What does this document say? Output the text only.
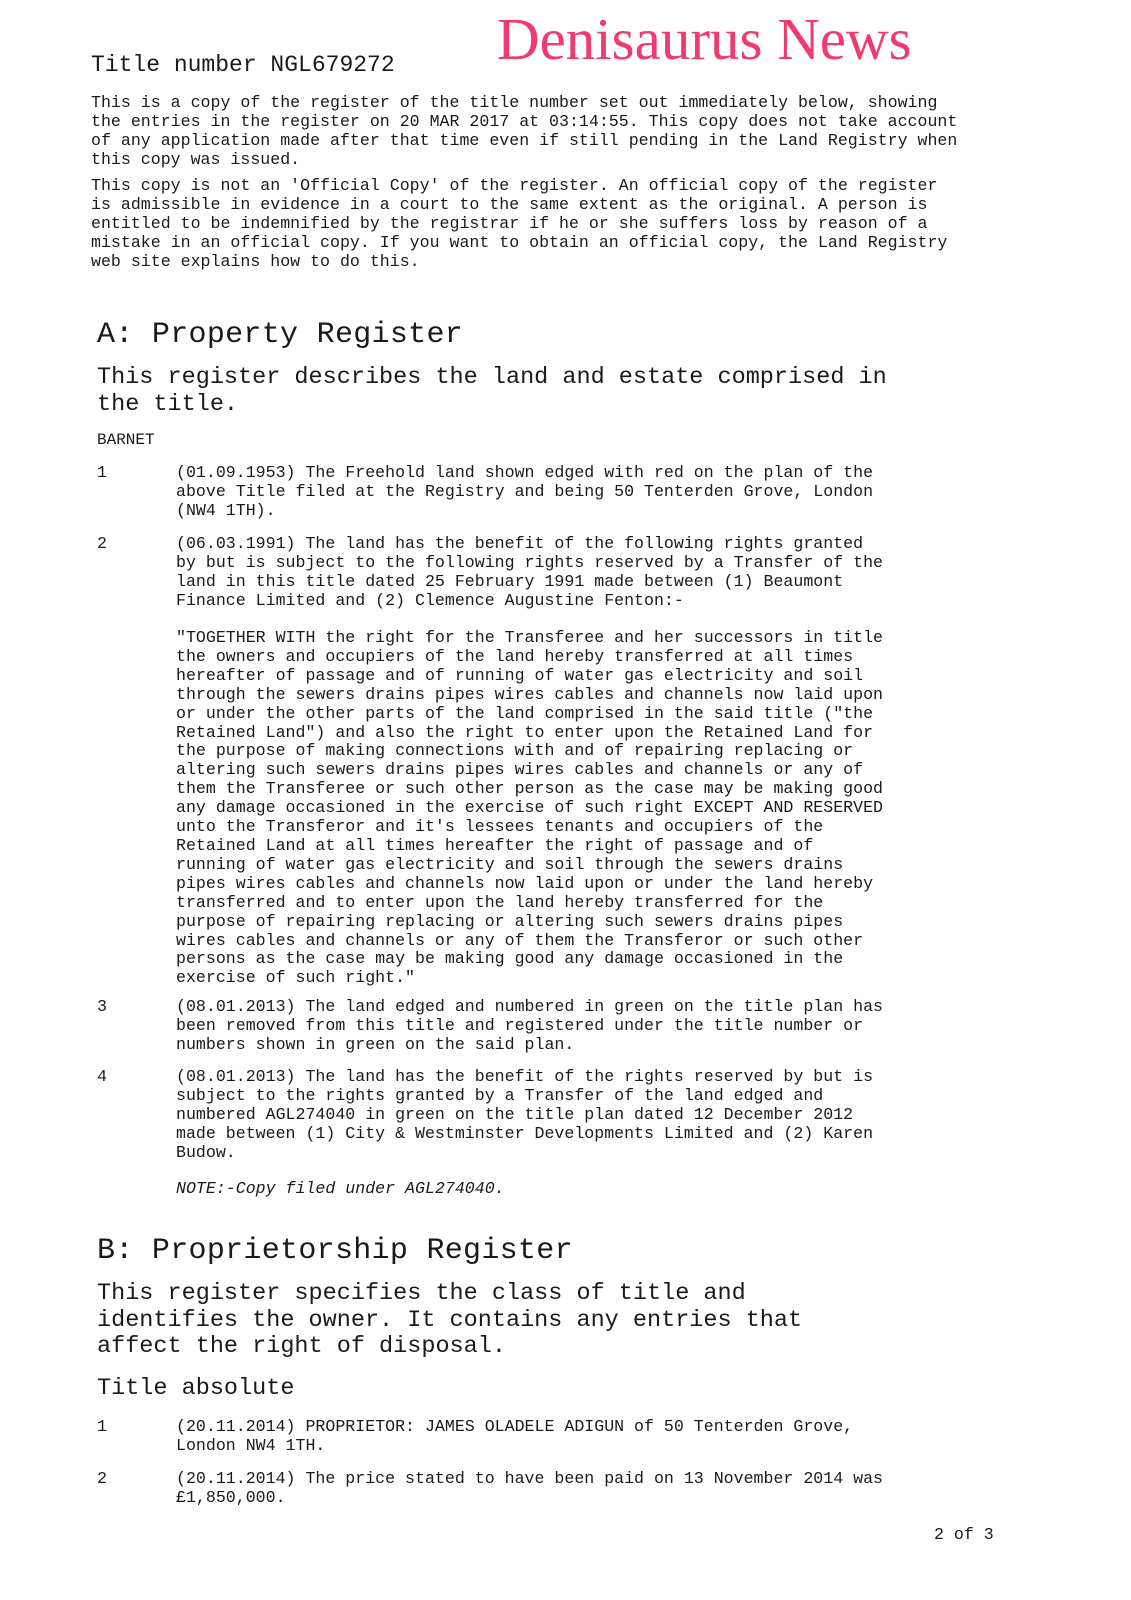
Denisaurus News
Title number NGL679272
This is a copy of the register of the title number set out immediately below, showing
the entries in the register on 20 MAR 2017 at 03:14:55. This copy does not take account
of any application made after that time even if still pending in the Land Registry when
this copy was issued.
This copy is not an 'Official Copy' of the register. An official copy of the register
is admissible in evidence in a court to the same extent as the original. A person is
entitled to be indemnified by the registrar if he or she suffers loss by reason of a
mistake in an official copy. If you want to obtain an official copy, the Land Registry
web site explains how to do this.
A: Property Register
This register describes the land and estate comprised in
the title.
BARNET
1	(01.09.1953) The Freehold land shown edged with red on the plan of the
above Title filed at the Registry and being 50 Tenterden Grove, London
(NW4 1TH).
2	(06.03.1991) The land has the benefit of the following rights granted
by but is subject to the following rights reserved by a Transfer of the
land in this title dated 25 February 1991 made between (1) Beaumont
Finance Limited and (2) Clemence Augustine Fenton:-
"TOGETHER WITH the right for the Transferee and her successors in title
the owners and occupiers of the land hereby transferred at all times
hereafter of passage and of running of water gas electricity and soil
through the sewers drains pipes wires cables and channels now laid upon
or under the other parts of the land comprised in the said title ("the
Retained Land") and also the right to enter upon the Retained Land for
the purpose of making connections with and of repairing replacing or
altering such sewers drains pipes wires cables and channels or any of
them the Transferee or such other person as the case may be making good
any damage occasioned in the exercise of such right EXCEPT AND RESERVED
unto the Transferor and it's lessees tenants and occupiers of the
Retained Land at all times hereafter the right of passage and of
running of water gas electricity and soil through the sewers drains
pipes wires cables and channels now laid upon or under the land hereby
transferred and to enter upon the land hereby transferred for the
purpose of repairing replacing or altering such sewers drains pipes
wires cables and channels or any of them the Transferor or such other
persons as the case may be making good any damage occasioned in the
exercise of such right."
3	(08.01.2013) The land edged and numbered in green on the title plan has
been removed from this title and registered under the title number or
numbers shown in green on the said plan.
4	(08.01.2013) The land has the benefit of the rights reserved by but is
subject to the rights granted by a Transfer of the land edged and
numbered AGL274040 in green on the title plan dated 12 December 2012
made between (1) City & Westminster Developments Limited and (2) Karen
Budow.
NOTE:-Copy filed under AGL274040.
B: Proprietorship Register
This register specifies the class of title and
identifies the owner. It contains any entries that
affect the right of disposal.
Title absolute
1	(20.11.2014) PROPRIETOR: JAMES OLADELE ADIGUN of 50 Tenterden Grove,
London NW4 1TH.
2	(20.11.2014) The price stated to have been paid on 13 November 2014 was
£1,850,000.
2 of 3
